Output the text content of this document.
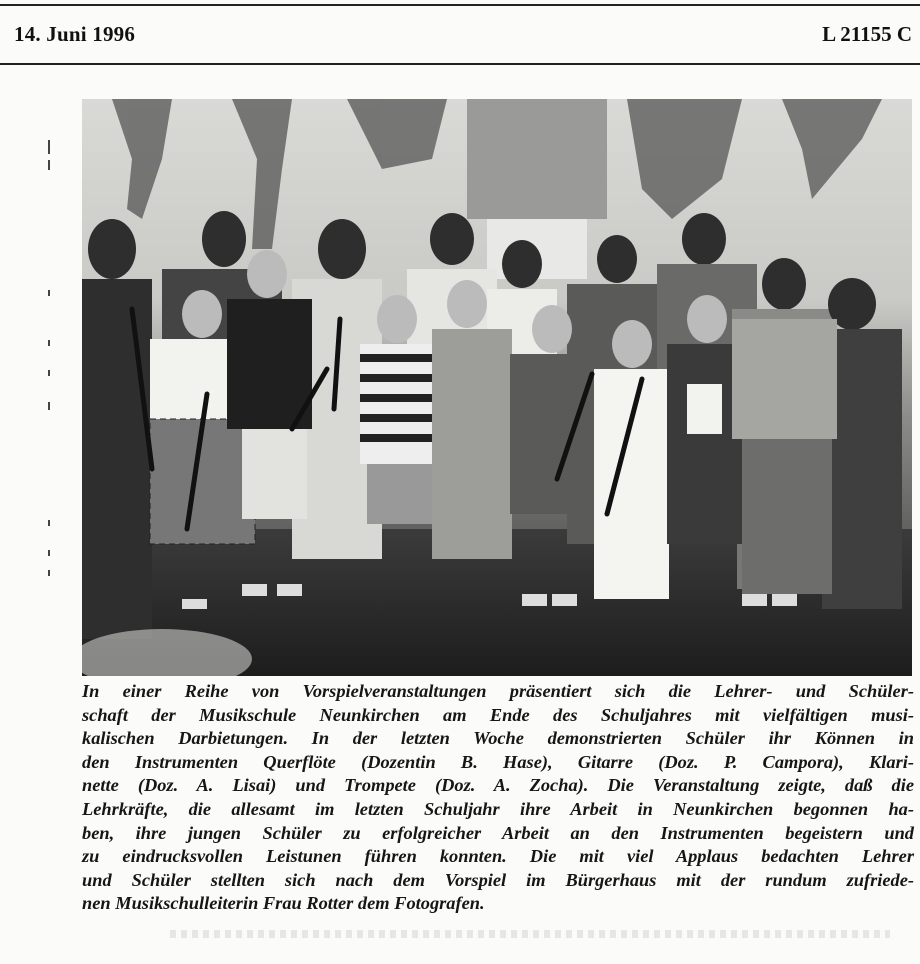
14. Juni 1996	L 21155 C
In einer Reihe von Vorspielveranstaltungen präsentiert sich die Lehrer- und Schüler-
schaft der Musikschule Neunkirchen am Ende des Schuljahres mit vielfältigen musi-
kalischen Darbietungen. In der letzten Woche demonstrierten Schüler ihr Können in
den Instrumenten Querflöte (Dozentin B. Hase), Gitarre (Doz. P. Campora), Klari-
nette (Doz. A. Lisai) und Trompete (Doz. A. Zocha). Die Veranstaltung zeigte, daß die
Lehrkräfte, die allesamt im letzten Schuljahr ihre Arbeit in Neunkirchen begonnen ha-
ben, ihre jungen Schüler zu erfolgreicher Arbeit an den Instrumenten begeistern und
zu eindrucksvollen Leistunen führen konnten. Die mit viel Applaus bedachten Lehrer
und Schüler stellten sich nach dem Vorspiel im Bürgerhaus mit der rundum zufriede-
nen Musikschulleiterin Frau Rotter dem Fotografen.
